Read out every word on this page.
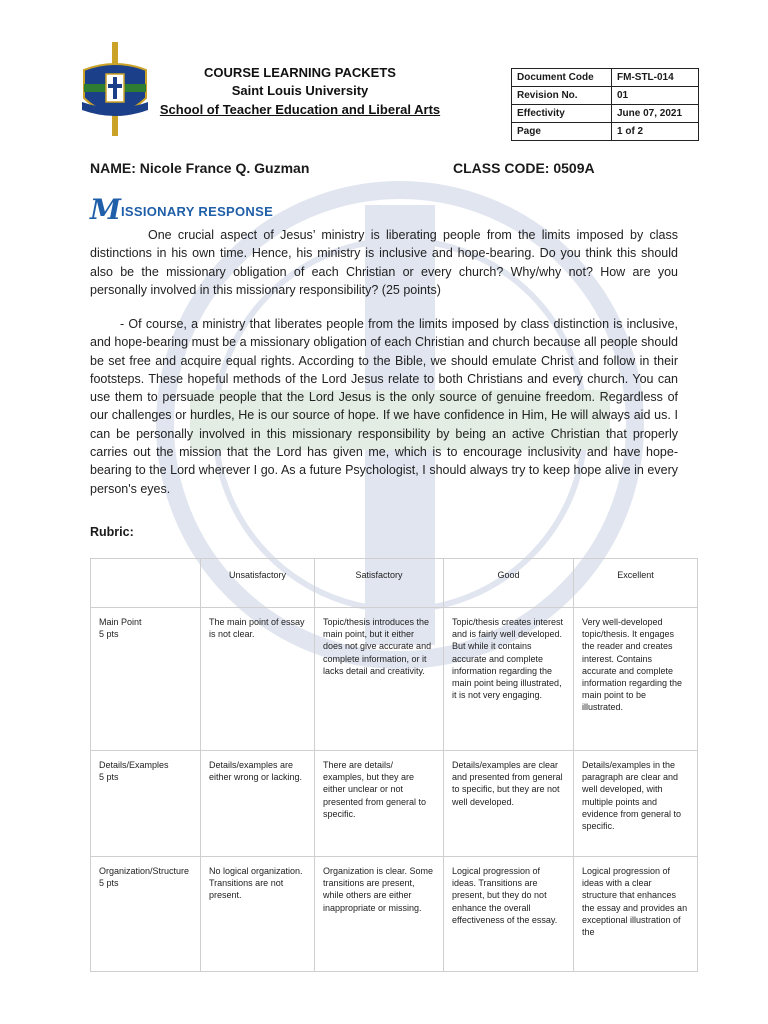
COURSE LEARNING PACKETS
Saint Louis University
School of Teacher Education and Liberal Arts
Document Code	FM-STL-014
Revision No.	01
Effectivity	June 07, 2021
Page	1 of 2
NAME: Nicole France Q. Guzman	CLASS CODE: 0509A
MISSIONARY RESPONSE
One crucial aspect of Jesus’ ministry is liberating people from the limits imposed by class distinctions in his own time. Hence, his ministry is inclusive and hope-bearing. Do you think this should also be the missionary obligation of each Christian or every church? Why/why not? How are you personally involved in this missionary responsibility? (25 points)
- Of course, a ministry that liberates people from the limits imposed by class distinction is inclusive, and hope-bearing must be a missionary obligation of each Christian and church because all people should be set free and acquire equal rights. According to the Bible, we should emulate Christ and follow in their footsteps. These hopeful methods of the Lord Jesus relate to both Christians and every church. You can use them to persuade people that the Lord Jesus is the only source of genuine freedom. Regardless of our challenges or hurdles, He is our source of hope. If we have confidence in Him, He will always aid us. I can be personally involved in this missionary responsibility by being an active Christian that properly carries out the mission that the Lord has given me, which is to encourage inclusivity and have hope-bearing to the Lord wherever I go. As a future Psychologist, I should always try to keep hope alive in every person's eyes.
Rubric:
	Unsatisfactory	Satisfactory	Good	Excellent

Main Point
5 pts	The main point of essay is not clear.	Topic/thesis introduces the main point, but it either does not give accurate and complete information, or it lacks detail and creativity.	Topic/thesis creates interest and is fairly well developed. But while it contains accurate and complete information regarding the main point being illustrated, it is not very engaging.	Very well-developed topic/thesis. It engages the reader and creates interest. Contains accurate and complete information regarding the main point to be illustrated.

Details/Examples
5 pts	Details/examples are either wrong or lacking.	There are details/ examples, but they are either unclear or not presented from general to specific.	Details/examples are clear and presented from general to specific, but they are not well developed.	Details/examples in the paragraph are clear and well developed, with multiple points and evidence from general to specific.

Organization/Structure
5 pts	No logical organization. Transitions are not present.	Organization is clear. Some transitions are present, while others are either inappropriate or missing.	Logical progression of ideas. Transitions are present, but they do not enhance the overall effectiveness of the essay.	Logical progression of ideas with a clear structure that enhances the essay and provides an exceptional illustration of the
